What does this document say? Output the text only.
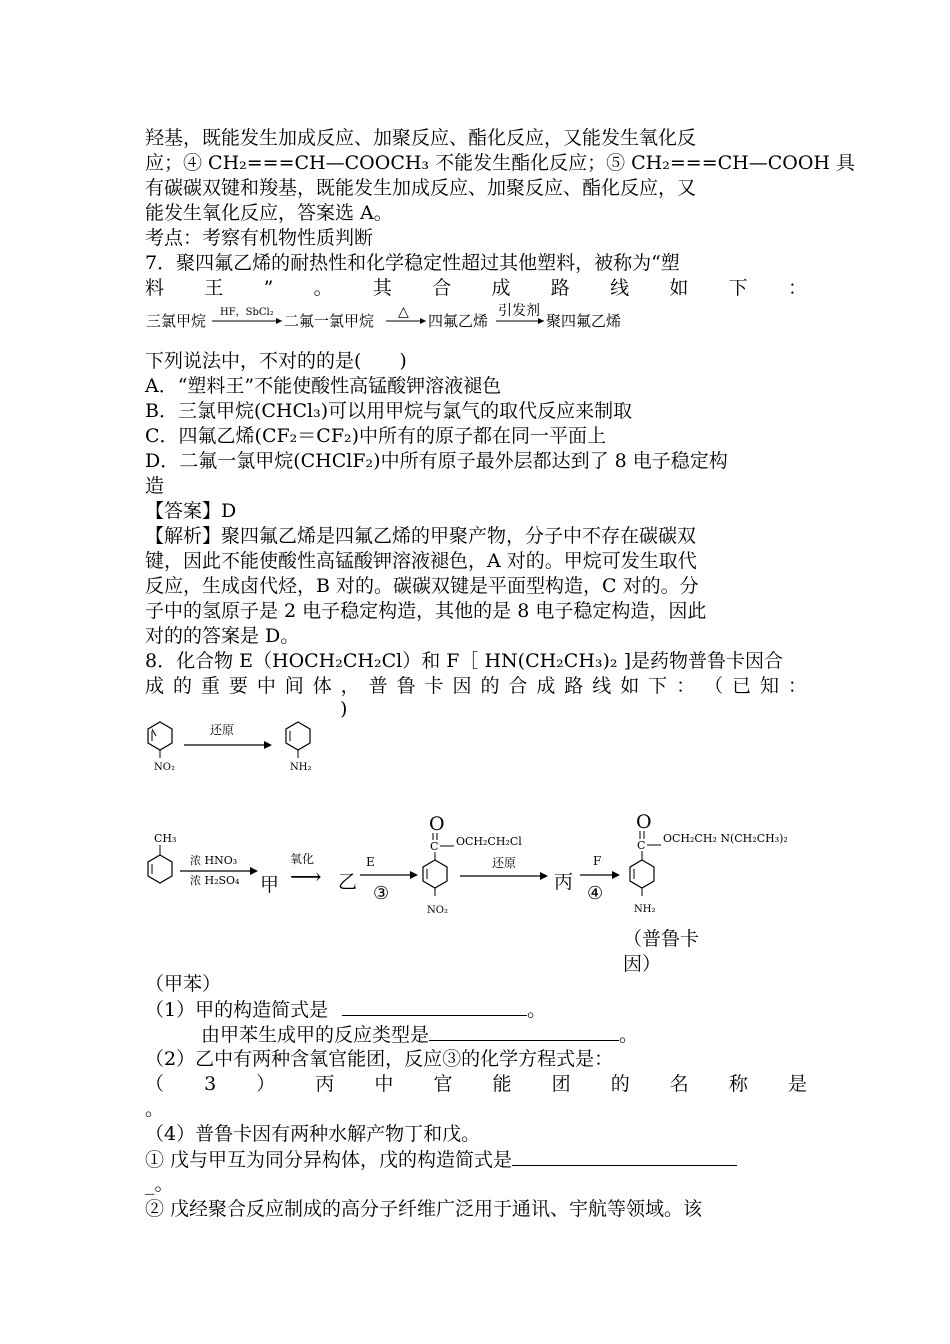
羟基，既能发生加成反应、加聚反应、酯化反应，又能发生氧化反
应；④ CH₂===CH—COOCH₃ 不能发生酯化反应；⑤ CH₂===CH—COOH 具
有碳碳双键和羧基，既能发生加成反应、加聚反应、酯化反应，又
能发生氧化反应，答案选 A。
考点：考察有机物性质判断
7．聚四氟乙烯的耐热性和化学稳定性超过其他塑料，被称为“塑
料 王 ” 。 其 合 成 路 线 如 下 ：
三氯甲烷 HF，SbCl₂ 二氟一氯甲烷 △ 四氟乙烯
引发剂
聚四氟乙烯
下列说法中，不对的的是(　　)
A．“塑料王”不能使酸性高锰酸钾溶液褪色
B．三氯甲烷(CHCl₃)可以用甲烷与氯气的取代反应来制取
C．四氟乙烯(CF₂＝CF₂)中所有的原子都在同一平面上
D．二氟一氯甲烷(CHClF₂)中所有原子最外层都达到了 8 电子稳定构
造
【答案】D
【解析】聚四氟乙烯是四氟乙烯的甲聚产物，分子中不存在碳碳双
键，因此不能使酸性高锰酸钾溶液褪色，A 对的。甲烷可发生取代
反应，生成卤代烃，B 对的。碳碳双键是平面型构造，C 对的。分
子中的氢原子是 2 电子稳定构造，其他的是 8 电子稳定构造，因此
对的的答案是 D。
8．化合物 E（HOCH₂CH₂Cl）和 F［ HN(CH₂CH₃)₂ ]是药物普鲁卡因合
成 的 重 要 中 间 体 ， 普 鲁 卡 因 的 合 成 路 线 如 下 ： （ 已 知 ：
)
NO₂
还原
NH₂
CH₃
浓 HNO₃
浓 H₂SO₄ 甲
氧化
⟶ 乙
E
③
O
C OCH₂CH₂Cl
NO₂
还原
丙
F
④
O
C
OCH₂CH₂ N(CH₂CH₃)₂
NH₂
（普鲁卡
因）
（甲苯）
（1）甲的构造简式是	。
由甲苯生成甲的反应类型是	。
（2）乙中有两种含氧官能团，反应③的化学方程式是：
（ 3 ） 丙 中 官 能 团 的 名 称 是
。
（4）普鲁卡因有两种水解产物丁和戊。
① 戊与甲互为同分异构体，戊的构造简式是
_。
② 戊经聚合反应制成的高分子纤维广泛用于通讯、宇航等领域。该
